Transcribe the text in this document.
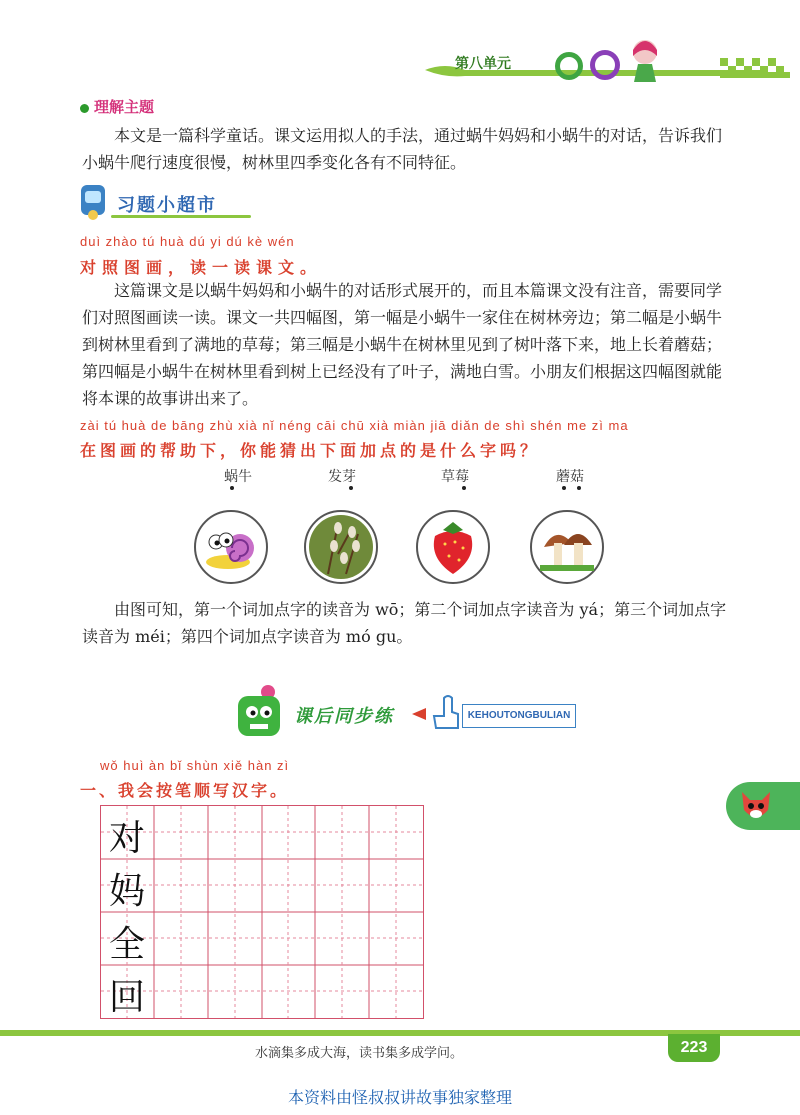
第八单元
理解主题
本文是一篇科学童话。课文运用拟人的手法，通过蜗牛妈妈和小蜗牛的对话，告诉我们小蜗牛爬行速度很慢，树林里四季变化各有不同特征。
习题小超市
duì zhào tú huà dú yi dú kè wén
对照图画，读一读课文。
这篇课文是以蜗牛妈妈和小蜗牛的对话形式展开的，而且本篇课文没有注音，需要同学们对照图画读一读。课文一共四幅图，第一幅是小蜗牛一家住在树林旁边；第二幅是小蜗牛到树林里看到了满地的草莓；第三幅是小蜗牛在树林里见到了树叶落下来，地上长着蘑菇；第四幅是小蜗牛在树林里看到树上已经没有了叶子，满地白雪。小朋友们根据这四幅图就能将本课的故事讲出来了。
zài tú huà de bāng zhù xià nǐ néng cāi chū xià miàn jiā diǎn de shì shén me zì ma
在图画的帮助下，你能猜出下面加点的是什么字吗？
蜗牛	发芽	草莓	蘑菇
由图可知，第一个词加点字的读音为 wō；第二个词加点字读音为 yá；第三个词加点字读音为 méi；第四个词加点字读音为 mó gu。
课后同步练	KEHOUTONGBULIAN
wǒ huì àn bǐ shùn xiě hàn zì
一、我会按笔顺写汉字。
对
妈
全
回
水滴集多成大海，读书集多成学问。	223
本资料由怪叔叔讲故事独家整理
